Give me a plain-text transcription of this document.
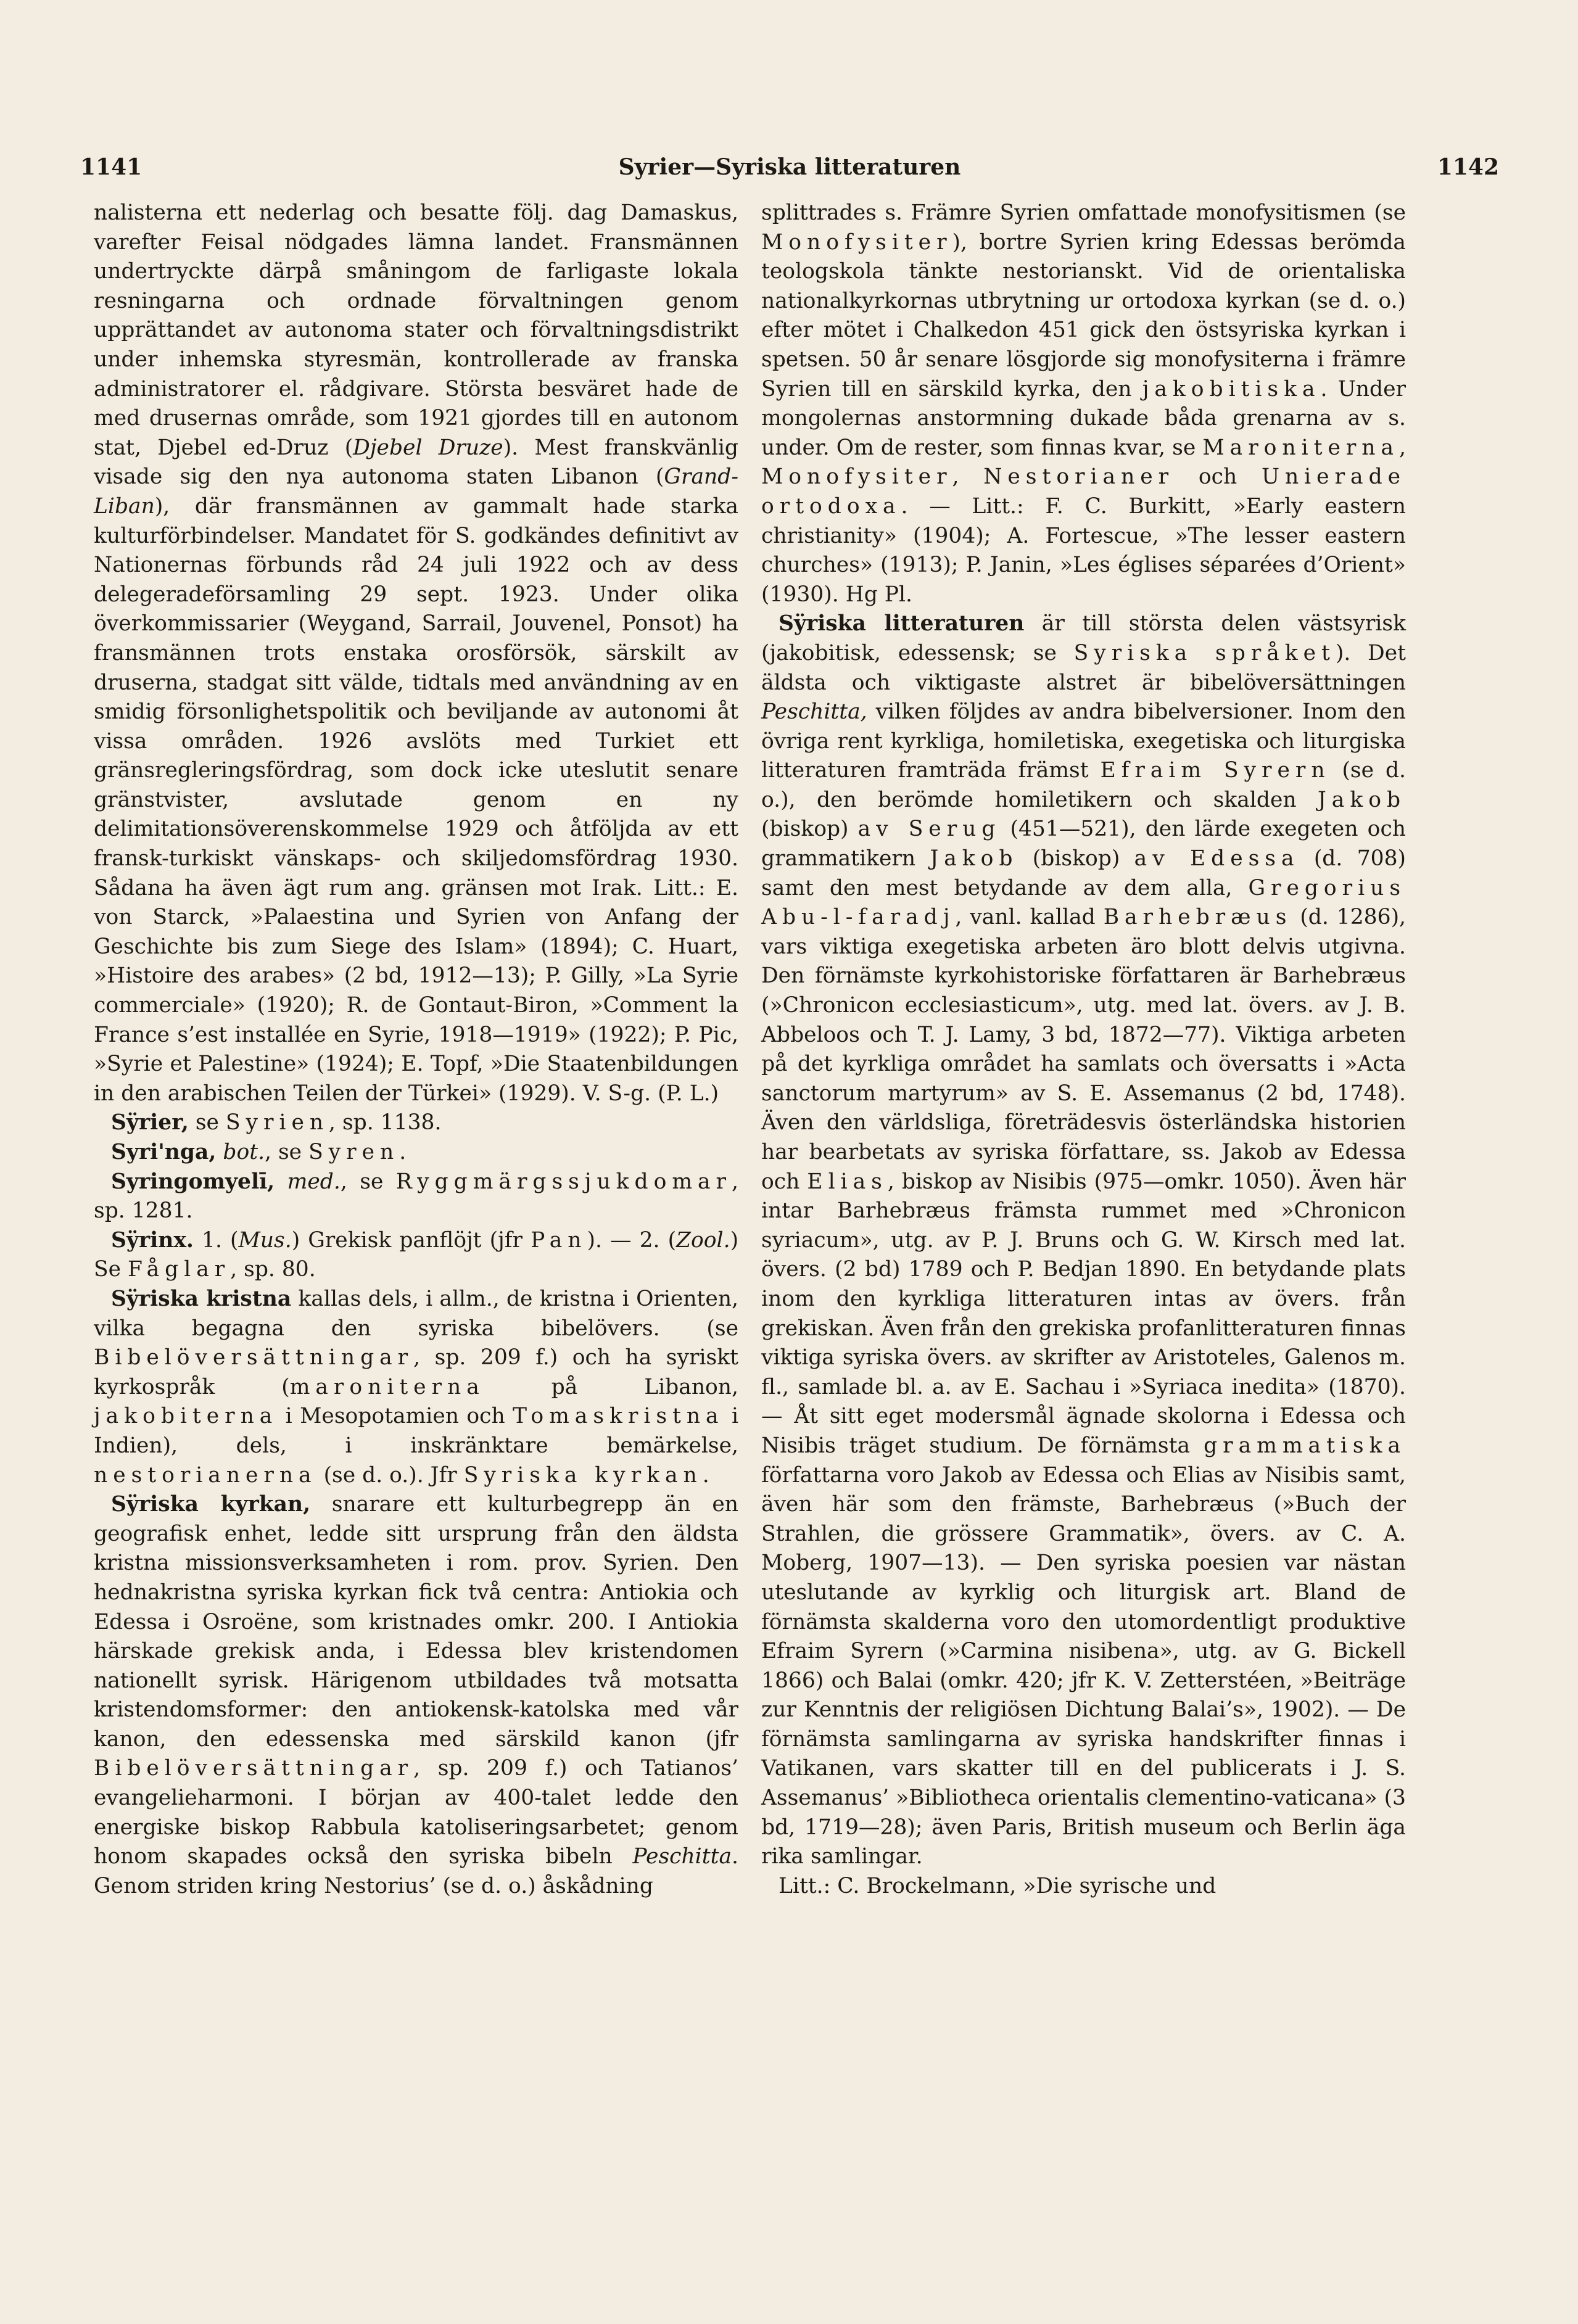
1141	Syrier—Syriska litteraturen	1142

nalisterna ett nederlag och besatte följ. dag Damaskus, varefter Feisal nödgades lämna landet. Fransmännen undertryckte därpå småningom de farligaste lokala resningarna och ordnade förvaltningen genom upprättandet av autonoma stater och förvaltningsdistrikt under inhemska styresmän, kontrollerade av franska administratorer el. rådgivare. Största besväret hade de med drusernas område, som 1921 gjordes till en autonom stat, Djebel ed-Druz (Djebel Druze). Mest franskvänlig visade sig den nya autonoma staten Libanon (Grand-Liban), där fransmännen av gammalt hade starka kulturförbindelser. Mandatet för S. godkändes definitivt av Nationernas förbunds råd 24 juli 1922 och av dess delegeradeförsamling 29 sept. 1923. Under olika överkommissarier (Weygand, Sarrail, Jouvenel, Ponsot) ha fransmännen trots enstaka orosförsök, särskilt av druserna, stadgat sitt välde, tidtals med användning av en smidig försonlighetspolitik och beviljande av autonomi åt vissa områden. 1926 avslöts med Turkiet ett gränsregleringsfördrag, som dock icke uteslutit senare gränstvister, avslutade genom en ny delimitationsöverenskommelse 1929 och åtföljda av ett fransk-turkiskt vänskaps- och skiljedomsfördrag 1930. Sådana ha även ägt rum ang. gränsen mot Irak. Litt.: E. von Starck, »Palaestina und Syrien von Anfang der Geschichte bis zum Siege des Islam» (1894); C. Huart, »Histoire des arabes» (2 bd, 1912—13); P. Gilly, »La Syrie commerciale» (1920); R. de Gontaut-Biron, »Comment la France s’est installée en Syrie, 1918—1919» (1922); P. Pic, »Syrie et Palestine» (1924); E. Topf, »Die Staatenbildungen in den arabischen Teilen der Türkei» (1929). V. S-g. (P. L.)

Sÿrier, se Syrien, sp. 1138.

Syri'nga, bot., se Syren.

Syringomyelī, med., se Ryggmärgssjukdomar, sp. 1281.

Sÿrinx. 1. (Mus.) Grekisk panflöjt (jfr Pan). — 2. (Zool.) Se Fåglar, sp. 80.

Sÿriska kristna kallas dels, i allm., de kristna i Orienten, vilka begagna den syriska bibelövers. (se Bibelöversättningar, sp. 209 f.) och ha syriskt kyrkospråk (maroniterna på Libanon, jakobiterna i Mesopotamien och Tomaskristna i Indien), dels, i inskränktare bemärkelse, nestorianerna (se d. o.). Jfr Syriska kyrkan.

Sÿriska kyrkan, snarare ett kulturbegrepp än en geografisk enhet, ledde sitt ursprung från den äldsta kristna missionsverksamheten i rom. prov. Syrien. Den hednakristna syriska kyrkan fick två centra: Antiokia och Edessa i Osroëne, som kristnades omkr. 200. I Antiokia härskade grekisk anda, i Edessa blev kristendomen nationellt syrisk. Härigenom utbildades två motsatta kristendomsformer: den antiokensk-katolska med vår kanon, den edessenska med särskild kanon (jfr Bibelöversättningar, sp. 209 f.) och Tatianos’ evangelieharmoni. I början av 400-talet ledde den energiske biskop Rabbula katoliseringsarbetet; genom honom skapades också den syriska bibeln Peschitta. Genom striden kring Nestorius’ (se d. o.) åskådning

splittrades s. Främre Syrien omfattade monofysitismen (se Monofysiter), bortre Syrien kring Edessas berömda teologskola tänkte nestorianskt. Vid de orientaliska nationalkyrkornas utbrytning ur ortodoxa kyrkan (se d. o.) efter mötet i Chalkedon 451 gick den östsyriska kyrkan i spetsen. 50 år senare lösgjorde sig monofysiterna i främre Syrien till en särskild kyrka, den jakobitiska. Under mongolernas anstormning dukade båda grenarna av s. under. Om de rester, som finnas kvar, se Maroniterna, Monofysiter, Nestorianer och Unierade ortodoxa. — Litt.: F. C. Burkitt, »Early eastern christianity» (1904); A. Fortescue, »The lesser eastern churches» (1913); P. Janin, »Les églises séparées d’Orient» (1930). Hg Pl.

Sÿriska litteraturen är till största delen västsyrisk (jakobitisk, edessensk; se Syriska språket). Det äldsta och viktigaste alstret är bibelöversättningen Peschitta, vilken följdes av andra bibelversioner. Inom den övriga rent kyrkliga, homiletiska, exegetiska och liturgiska litteraturen framträda främst Efraim Syrern (se d. o.), den berömde homiletikern och skalden Jakob (biskop) av Serug (451—521), den lärde exegeten och grammatikern Jakob (biskop) av Edessa (d. 708) samt den mest betydande av dem alla, Gregorius Abu-l-faradj, vanl. kallad Barhebræus (d. 1286), vars viktiga exegetiska arbeten äro blott delvis utgivna. Den förnämste kyrkohistoriske författaren är Barhebræus (»Chronicon ecclesiasticum», utg. med lat. övers. av J. B. Abbeloos och T. J. Lamy, 3 bd, 1872—77). Viktiga arbeten på det kyrkliga området ha samlats och översatts i »Acta sanctorum martyrum» av S. E. Assemanus (2 bd, 1748). Även den världsliga, företrädesvis österländska historien har bearbetats av syriska författare, ss. Jakob av Edessa och Elias, biskop av Nisibis (975—omkr. 1050). Även här intar Barhebræus främsta rummet med »Chronicon syriacum», utg. av P. J. Bruns och G. W. Kirsch med lat. övers. (2 bd) 1789 och P. Bedjan 1890. En betydande plats inom den kyrkliga litteraturen intas av övers. från grekiskan. Även från den grekiska profanlitteraturen finnas viktiga syriska övers. av skrifter av Aristoteles, Galenos m. fl., samlade bl. a. av E. Sachau i »Syriaca inedita» (1870). — Åt sitt eget modersmål ägnade skolorna i Edessa och Nisibis träget studium. De förnämsta grammatiska författarna voro Jakob av Edessa och Elias av Nisibis samt, även här som den främste, Barhebræus (»Buch der Strahlen, die grössere Grammatik», övers. av C. A. Moberg, 1907—13). — Den syriska poesien var nästan uteslutande av kyrklig och liturgisk art. Bland de förnämsta skalderna voro den utomordentligt produktive Efraim Syrern (»Carmina nisibena», utg. av G. Bickell 1866) och Balai (omkr. 420; jfr K. V. Zetterstéen, »Beiträge zur Kenntnis der religiösen Dichtung Balai’s», 1902). — De förnämsta samlingarna av syriska handskrifter finnas i Vatikanen, vars skatter till en del publicerats i J. S. Assemanus’ »Bibliotheca orientalis clementino-vaticana» (3 bd, 1719—28); även Paris, British museum och Berlin äga rika samlingar.

Litt.: C. Brockelmann, »Die syrische und
